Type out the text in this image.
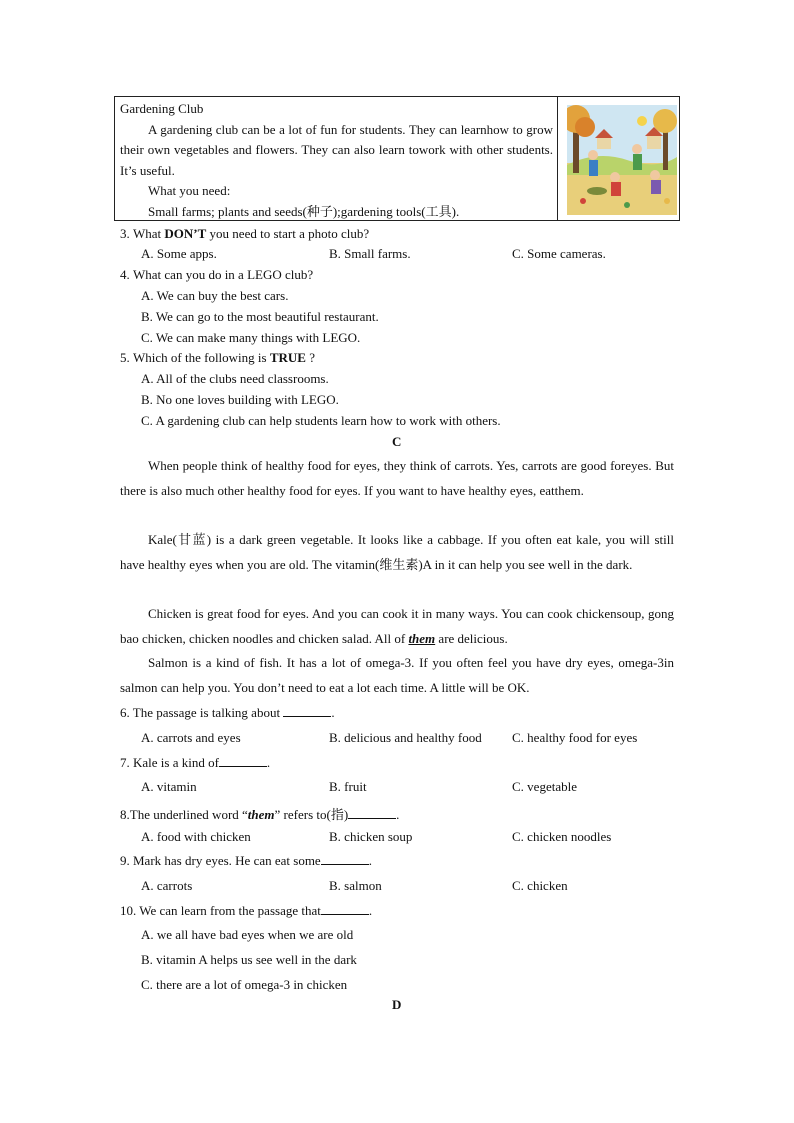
Gardening Club

A gardening club can be a lot of fun for students. They can learnhow to grow their own vegetables and flowers. They can also learn towork with other students. It’s useful.

What you need:

Small farms; plants and seeds(种子);gardening tools(工具).

3. What DON’T you need to start a photo club?
A. Some apps.	B. Small farms.	C. Some cameras.
4. What can you do in a LEGO club?
A. We can buy the best cars.
B. We can go to the most beautiful restaurant.
C. We can make many things with LEGO.
5. Which of the following is TRUE ?
A. All of the clubs need classrooms.
B. No one loves building with LEGO.
C. A gardening club can help students learn how to work with others.
C

When people think of healthy food for eyes, they think of carrots. Yes, carrots are good foreyes. But there is also much other healthy food for eyes. If you want to have healthy eyes, eatthem.

Kale(甘蓝) is a dark green vegetable. It looks like a cabbage. If you often eat kale, you will still have healthy eyes when you are old. The vitamin(维生素)A in it can help you see well in the dark.

Chicken is great food for eyes. And you can cook it in many ways. You can cook chickensoup, gong bao chicken, chicken noodles and chicken salad. All of them are delicious.

Salmon is a kind of fish. It has a lot of omega-3. If you often feel you have dry eyes, omega-3in salmon can help you. You don’t need to eat a lot each time. A little will be OK.

6. The passage is talking about	.
A. carrots and eyes	B. delicious and healthy food C. healthy food for eyes
7. Kale is a kind of	.
A. vitamin	B. fruit	C. vegetable
8.The underlined word “them” refers to(指)	.
A. food with chicken	B. chicken soup	C. chicken noodles
9. Mark has dry eyes. He can eat some	.
A. carrots	B. salmon	C. chicken
10. We can learn from the passage that	.
A. we all have bad eyes when we are old
B. vitamin A helps us see well in the dark
C. there are a lot of omega-3 in chicken
D
